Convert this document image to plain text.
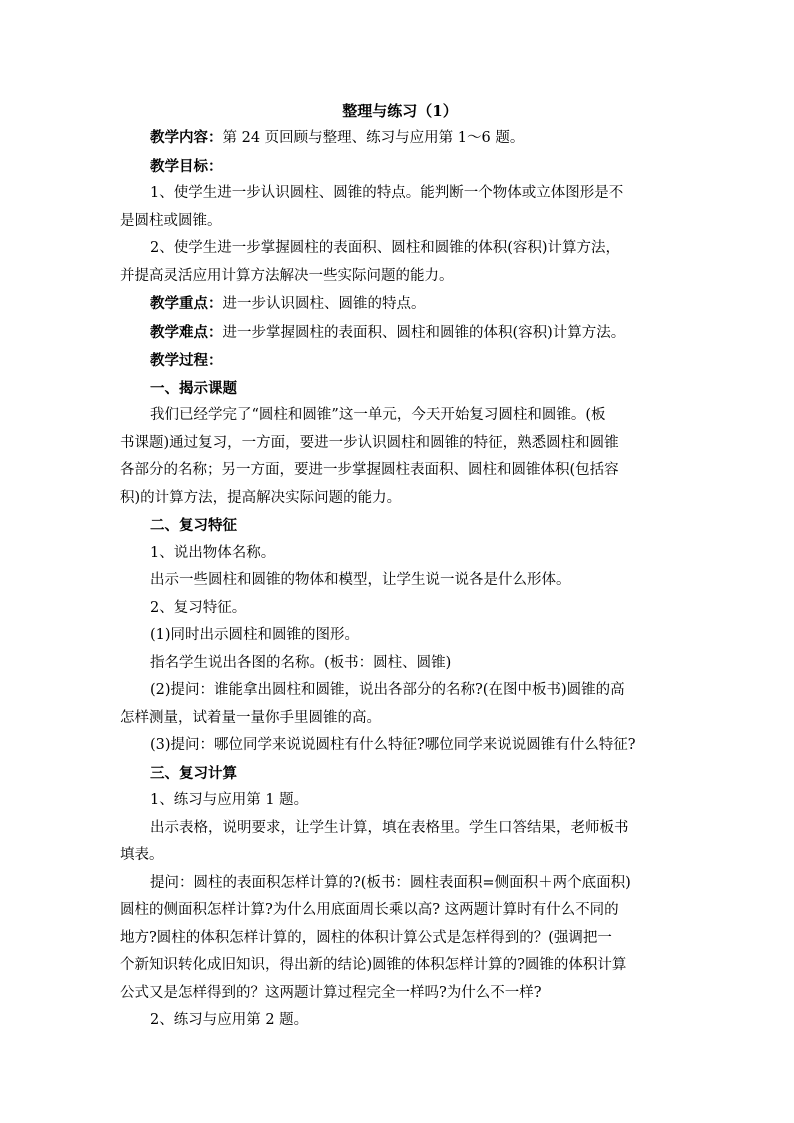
整理与练习（1）

教学内容：第 24 页回顾与整理、练习与应用第 1～6 题。

教学目标：

1、使学生进一步认识圆柱、圆锥的特点。能判断一个物体或立体图形是不

是圆柱或圆锥。

2、使学生进一步掌握圆柱的表面积、圆柱和圆锥的体积(容积)计算方法，

并提高灵活应用计算方法解决一些实际问题的能力。

教学重点：进一步认识圆柱、圆锥的特点。

教学难点：进一步掌握圆柱的表面积、圆柱和圆锥的体积(容积)计算方法。

教学过程：

一、揭示课题

我们已经学完了“圆柱和圆锥”这一单元，今天开始复习圆柱和圆锥。(板

书课题)通过复习，一方面，要进一步认识圆柱和圆锥的特征，熟悉圆柱和圆锥

各部分的名称；另一方面，要进一步掌握圆柱表面积、圆柱和圆锥体积(包括容

积)的计算方法，提高解决实际问题的能力。

二、复习特征

1、说出物体名称。

出示一些圆柱和圆锥的物体和模型，让学生说一说各是什么形体。

2、复习特征。

(1)同时出示圆柱和圆锥的图形。

指名学生说出各图的名称。(板书：圆柱、圆锥)

(2)提问：谁能拿出圆柱和圆锥，说出各部分的名称?(在图中板书)圆锥的高

怎样测量，试着量一量你手里圆锥的高。

(3)提问：哪位同学来说说圆柱有什么特征?哪位同学来说说圆锥有什么特征?

三、复习计算

1、练习与应用第 1 题。

出示表格，说明要求，让学生计算，填在表格里。学生口答结果，老师板书

填表。

提问：圆柱的表面积怎样计算的?(板书：圆柱表面积=侧面积＋两个底面积)

圆柱的侧面积怎样计算?为什么用底面周长乘以高? 这两题计算时有什么不同的

地方?圆柱的体积怎样计算的，圆柱的体积计算公式是怎样得到的？(强调把一

个新知识转化成旧知识，得出新的结论)圆锥的体积怎样计算的?圆锥的体积计算

公式又是怎样得到的？这两题计算过程完全一样吗?为什么不一样?

2、练习与应用第 2 题。
